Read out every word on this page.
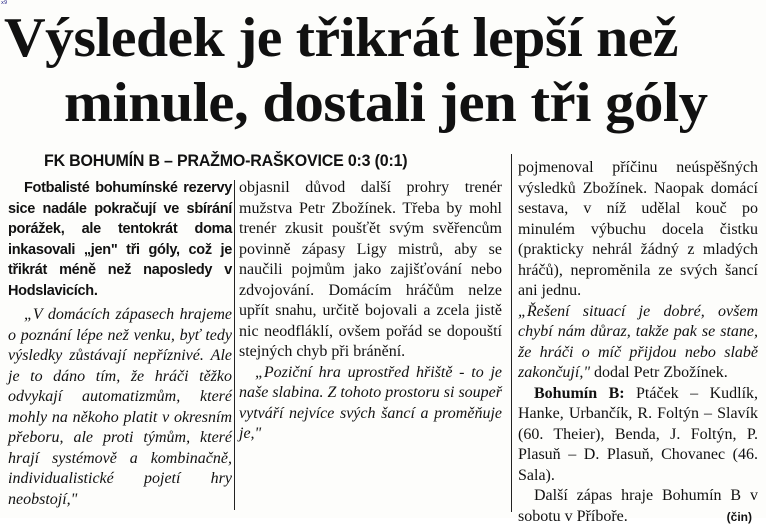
x9
Výsledek je třikrát lepší než
minule, dostali jen tři góly
FK BOHUMÍN B – PRAŽMO-RAŠKOVICE 0:3 (0:1)

Fotbalisté bohumínské rezervy sice nadále pokračují ve sbírání porážek, ale tentokrát doma inkasovali „jen" tři góly, což je třikrát méně než naposledy v Hodslavicích.

„V domácích zápasech hrajeme o poznání lépe než venku, byť tedy výsledky zůstávají nepříznivé. Ale je to dáno tím, že hráči těžko odvykají automatizmům, které mohly na někoho platit v okresním přeboru, ale proti týmům, které hrají systémově a kombinačně, individualistické pojetí hry neobstojí,"

objasnil důvod další prohry trenér mužstva Petr Zbožínek. Třeba by mohl trenér zkusit poušťět svým svěřencům povinně zápasy Ligy mistrů, aby se naučili pojmům jako zajišťování nebo zdvojování. Domácím hráčům nelze upřít snahu, určitě bojovali a zcela jistě nic neodfláklí, ovšem pořád se dopouští stejných chyb při bránění.

„Poziční hra uprostřed hřiště - to je naše slabina. Z tohoto prostoru si soupeř vytváří nejvíce svých šancí a proměňuje je,"

pojmenoval příčinu neúspěšných výsledků Zbožínek. Naopak domácí sestava, v níž udělal kouč po minulém výbuchu docela čistku (prakticky nehrál žádný z mladých hráčů), nepromĕnila ze svých šancí ani jednu.

„Řešení situací je dobré, ovšem chybí nám důraz, takže pak se stane, že hráči o míč přijdou nebo slabě zakončují," dodal Petr Zbožínek.

Bohumín B: Ptáček – Kudlík, Hanke, Urbančík, R. Foltýn – Slavík (60. Theier), Benda, J. Foltýn, P. Plasuň – D. Plasuň, Chovanec (46. Sala).

Další zápas hraje Bohumín B v sobotu v Příboře.	(čin)
